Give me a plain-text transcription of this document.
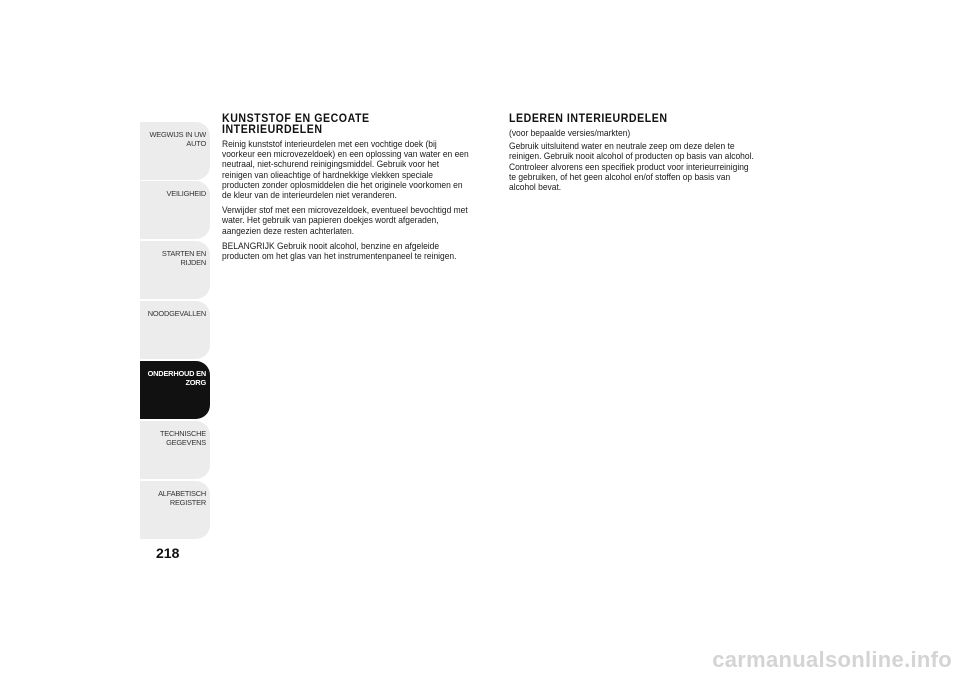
WEGWIJS IN UW
AUTO
VEILIGHEID
STARTEN EN RIJDEN
NOODGEVALLEN
ONDERHOUD EN
ZORG
TECHNISCHE
GEGEVENS
ALFABETISCH
REGISTER
218
KUNSTSTOF EN GECOATE INTERIEURDELEN

Reinig kunststof interieurdelen met een vochtige doek (bij voorkeur een microvezeldoek) en een oplossing van water en een neutraal, niet-schurend reinigingsmiddel. Gebruik voor het reinigen van olieachtige of hardnekkige vlekken speciale producten zonder oplosmiddelen die het originele voorkomen en de kleur van de interieurdelen niet veranderen.

Verwijder stof met een microvezeldoek, eventueel bevochtigd met water. Het gebruik van papieren doekjes wordt afgeraden, aangezien deze resten achterlaten.

BELANGRIJK Gebruik nooit alcohol, benzine en afgeleide producten om het glas van het instrumentenpaneel te reinigen.

LEDEREN INTERIEURDELEN
(voor bepaalde versies/markten)

Gebruik uitsluitend water en neutrale zeep om deze delen te reinigen. Gebruik nooit alcohol of producten op basis van alcohol. Controleer alvorens een specifiek product voor interieurreiniging te gebruiken, of het geen alcohol en/of stoffen op basis van alcohol bevat.

carmanualsonline.info
